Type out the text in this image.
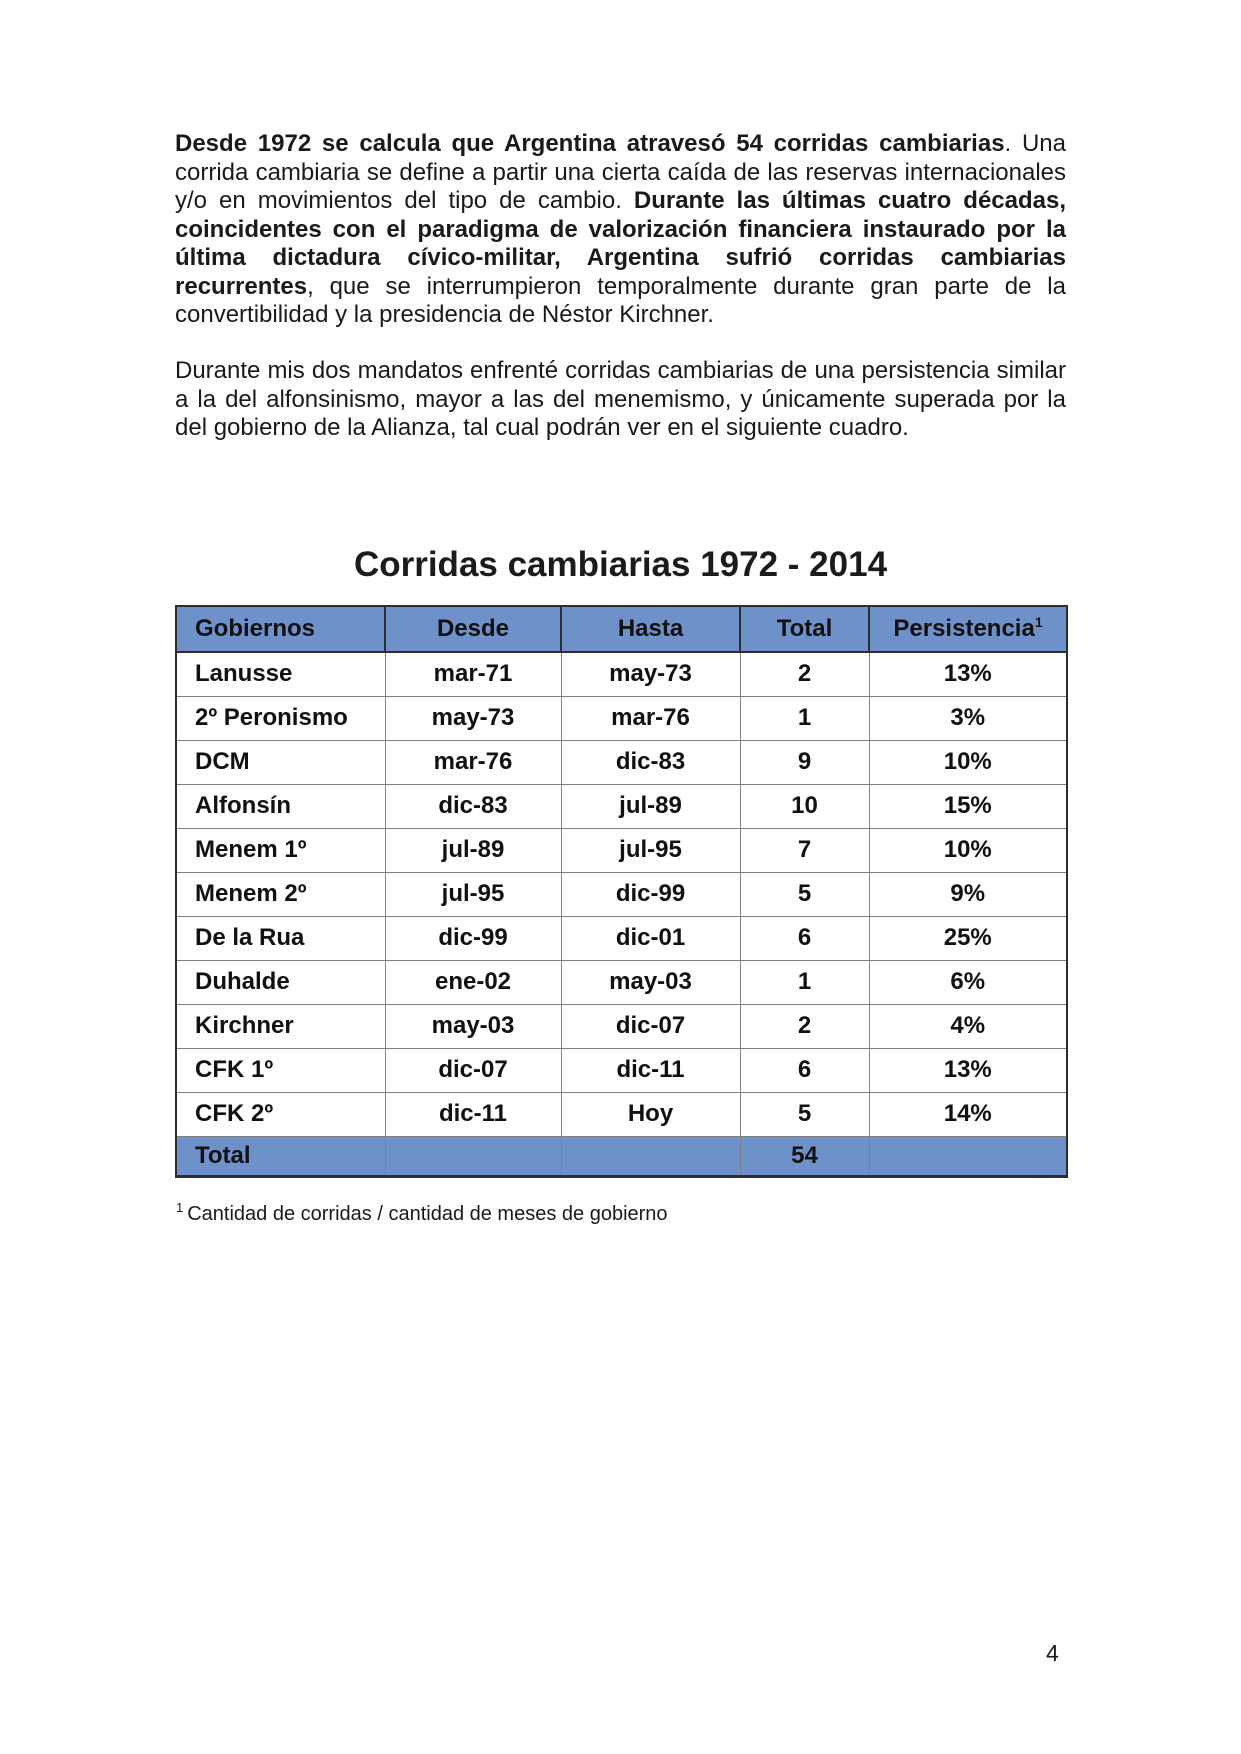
Desde 1972 se calcula que Argentina atravesó 54 corridas cambiarias. Una corrida cambiaria se define a partir una cierta caída de las reservas internacionales y/o en movimientos del tipo de cambio. Durante las últimas cuatro décadas, coincidentes con el paradigma de valorización financiera instaurado por la última dictadura cívico-militar, Argentina sufrió corridas cambiarias recurrentes, que se interrumpieron temporalmente durante gran parte de la convertibilidad y la presidencia de Néstor Kirchner.

Durante mis dos mandatos enfrenté corridas cambiarias de una persistencia similar a la del alfonsinismo, mayor a las del menemismo, y únicamente superada por la del gobierno de la Alianza, tal cual podrán ver en el siguiente cuadro.

Corridas cambiarias 1972 - 2014
Gobiernos	Desde	Hasta	Total	Persistencia$^1$
Lanusse	mar-71	may-73	2	13%
2º Peronismo	may-73	mar-76	1	3%
DCM	mar-76	dic-83	9	10%
Alfonsín	dic-83	jul-89	10	15%
Menem 1º	jul-89	jul-95	7	10%
Menem 2º	jul-95	dic-99	5	9%
De la Rua	dic-99	dic-01	6	25%
Duhalde	ene-02	may-03	1	6%
Kirchner	may-03	dic-07	2	4%
CFK 1º	dic-07	dic-11	6	13%
CFK 2º	dic-11	Hoy	5	14%
Total			54	
$^1$ Cantidad de corridas / cantidad de meses de gobierno
4
